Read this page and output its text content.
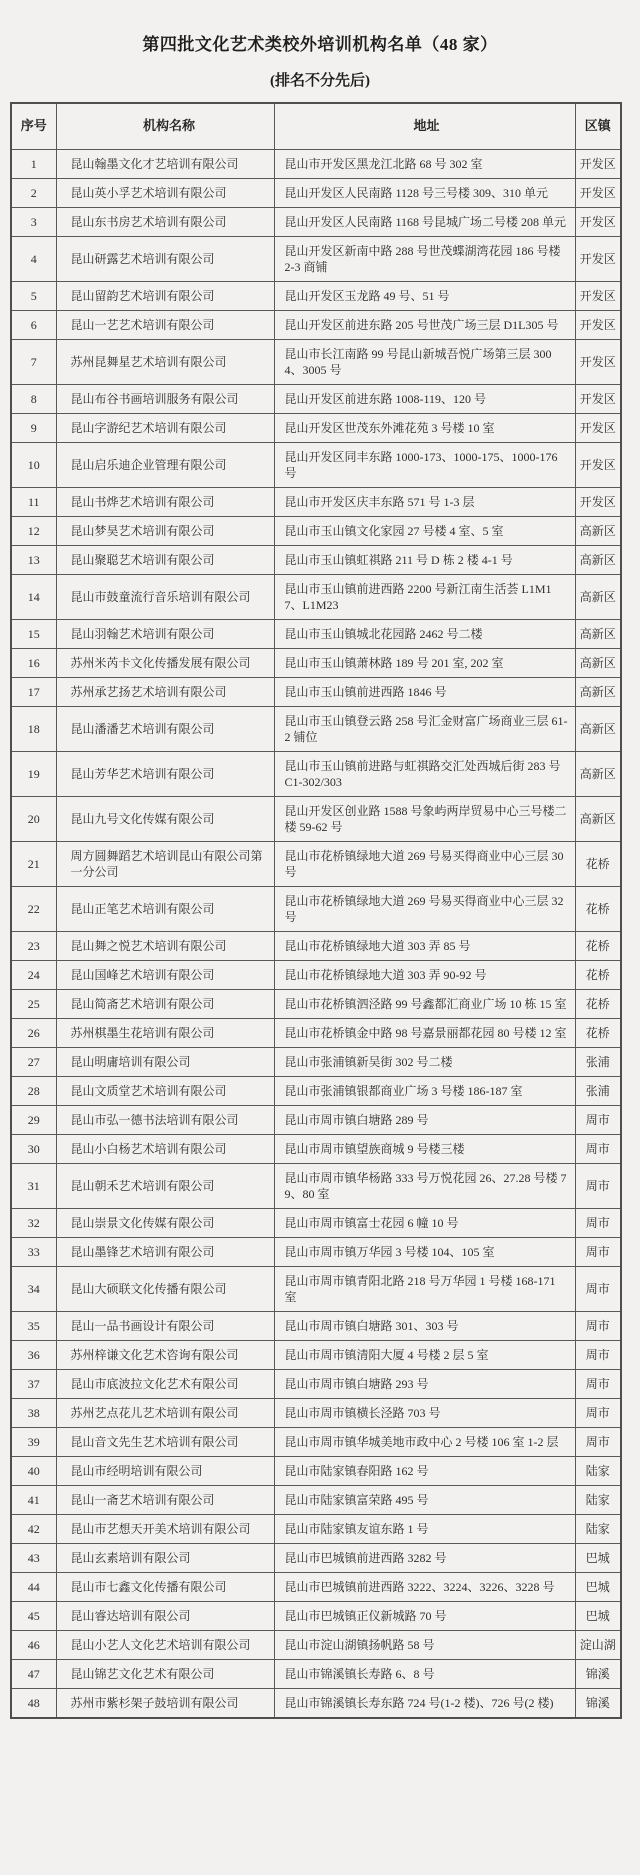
第四批文化艺术类校外培训机构名单（48 家）
(排名不分先后)
序号	机构名称	地址	区镇
1	昆山翰墨文化才艺培训有限公司	昆山市开发区黑龙江北路 68 号 302 室	开发区
2	昆山英小孚艺术培训有限公司	昆山开发区人民南路 1128 号三号楼 309、310 单元	开发区
3	昆山东书房艺术培训有限公司	昆山开发区人民南路 1168 号昆城广场二号楼 208 单元	开发区
4	昆山研露艺术培训有限公司	昆山开发区新南中路 288 号世茂蝶湖湾花园 186 号楼 2-3 商铺	开发区
5	昆山留韵艺术培训有限公司	昆山开发区玉龙路 49 号、51 号	开发区
6	昆山一艺艺术培训有限公司	昆山开发区前进东路 205 号世茂广场三层 D1L305 号	开发区
7	苏州昆舞星艺术培训有限公司	昆山市长江南路 99 号昆山新城吾悦广场第三层 3004、3005 号	开发区
8	昆山布谷书画培训服务有限公司	昆山开发区前进东路 1008-119、120 号	开发区
9	昆山字游纪艺术培训有限公司	昆山开发区世茂东外滩花苑 3 号楼 10 室	开发区
10	昆山启乐迪企业管理有限公司	昆山开发区同丰东路 1000-173、1000-175、1000-176 号	开发区
11	昆山书烨艺术培训有限公司	昆山市开发区庆丰东路 571 号 1-3 层	开发区
12	昆山梦昊艺术培训有限公司	昆山市玉山镇文化家园 27 号楼 4 室、5 室	高新区
13	昆山聚聪艺术培训有限公司	昆山市玉山镇虹祺路 211 号 D 栋 2 楼 4-1 号	高新区
14	昆山市鼓童流行音乐培训有限公司	昆山市玉山镇前进西路 2200 号新江南生活荟 L1M17、L1M23	高新区
15	昆山羽翰艺术培训有限公司	昆山市玉山镇城北花园路 2462 号二楼	高新区
16	苏州米芮卡文化传播发展有限公司	昆山市玉山镇萧林路 189 号 201 室, 202 室	高新区
17	苏州承艺扬艺术培训有限公司	昆山市玉山镇前进西路 1846 号	高新区
18	昆山潘潘艺术培训有限公司	昆山市玉山镇登云路 258 号汇金财富广场商业三层 61-2 铺位	高新区
19	昆山芳华艺术培训有限公司	昆山市玉山镇前进路与虹祺路交汇处西城后街 283 号 C1-302/303	高新区
20	昆山九号文化传媒有限公司	昆山开发区创业路 1588 号象屿两岸贸易中心三号楼二楼 59-62 号	高新区
21	周方圆舞蹈艺术培训昆山有限公司第一分公司	昆山市花桥镇绿地大道 269 号易买得商业中心三层 30 号	花桥
22	昆山正笔艺术培训有限公司	昆山市花桥镇绿地大道 269 号易买得商业中心三层 32 号	花桥
23	昆山舞之悦艺术培训有限公司	昆山市花桥镇绿地大道 303 弄 85 号	花桥
24	昆山国峰艺术培训有限公司	昆山市花桥镇绿地大道 303 弄 90-92 号	花桥
25	昆山简斋艺术培训有限公司	昆山市花桥镇泗泾路 99 号鑫都汇商业广场 10 栋 15 室	花桥
26	苏州棋墨生花培训有限公司	昆山市花桥镇金中路 98 号嘉景丽都花园 80 号楼 12 室	花桥
27	昆山明庸培训有限公司	昆山市张浦镇新吴街 302 号二楼	张浦
28	昆山文质堂艺术培训有限公司	昆山市张浦镇银都商业广场 3 号楼 186-187 室	张浦
29	昆山市弘一德书法培训有限公司	昆山市周市镇白塘路 289 号	周市
30	昆山小白杨艺术培训有限公司	昆山市周市镇望族商城 9 号楼三楼	周市
31	昆山朝禾艺术培训有限公司	昆山市周市镇华杨路 333 号万悦花园 26、27.28 号楼 79、80 室	周市
32	昆山崇景文化传媒有限公司	昆山市周市镇富士花园 6 幢 10 号	周市
33	昆山墨锋艺术培训有限公司	昆山市周市镇万华园 3 号楼 104、105 室	周市
34	昆山大硕联文化传播有限公司	昆山市周市镇青阳北路 218 号万华园 1 号楼 168-171 室	周市
35	昆山一品书画设计有限公司	昆山市周市镇白塘路 301、303 号	周市
36	苏州梓谦文化艺术咨询有限公司	昆山市周市镇清阳大厦 4 号楼 2 层 5 室	周市
37	昆山市底波拉文化艺术有限公司	昆山市周市镇白塘路 293 号	周市
38	苏州艺点花儿艺术培训有限公司	昆山市周市镇横长泾路 703 号	周市
39	昆山音文先生艺术培训有限公司	昆山市周市镇华城美地市政中心 2 号楼 106 室 1-2 层	周市
40	昆山市经明培训有限公司	昆山市陆家镇春阳路 162 号	陆家
41	昆山一斋艺术培训有限公司	昆山市陆家镇富荣路 495 号	陆家
42	昆山市艺想天开美术培训有限公司	昆山市陆家镇友谊东路 1 号	陆家
43	昆山玄素培训有限公司	昆山市巴城镇前进西路 3282 号	巴城
44	昆山市七鑫文化传播有限公司	昆山市巴城镇前进西路 3222、3224、3226、3228 号	巴城
45	昆山睿达培训有限公司	昆山市巴城镇正仪新城路 70 号	巴城
46	昆山小艺人文化艺术培训有限公司	昆山市淀山湖镇扬帆路 58 号	淀山湖
47	昆山锦艺文化艺术有限公司	昆山市锦溪镇长寿路 6、8 号	锦溪
48	苏州市紫杉架子鼓培训有限公司	昆山市锦溪镇长寿东路 724 号(1-2 楼)、726 号(2 楼)	锦溪
